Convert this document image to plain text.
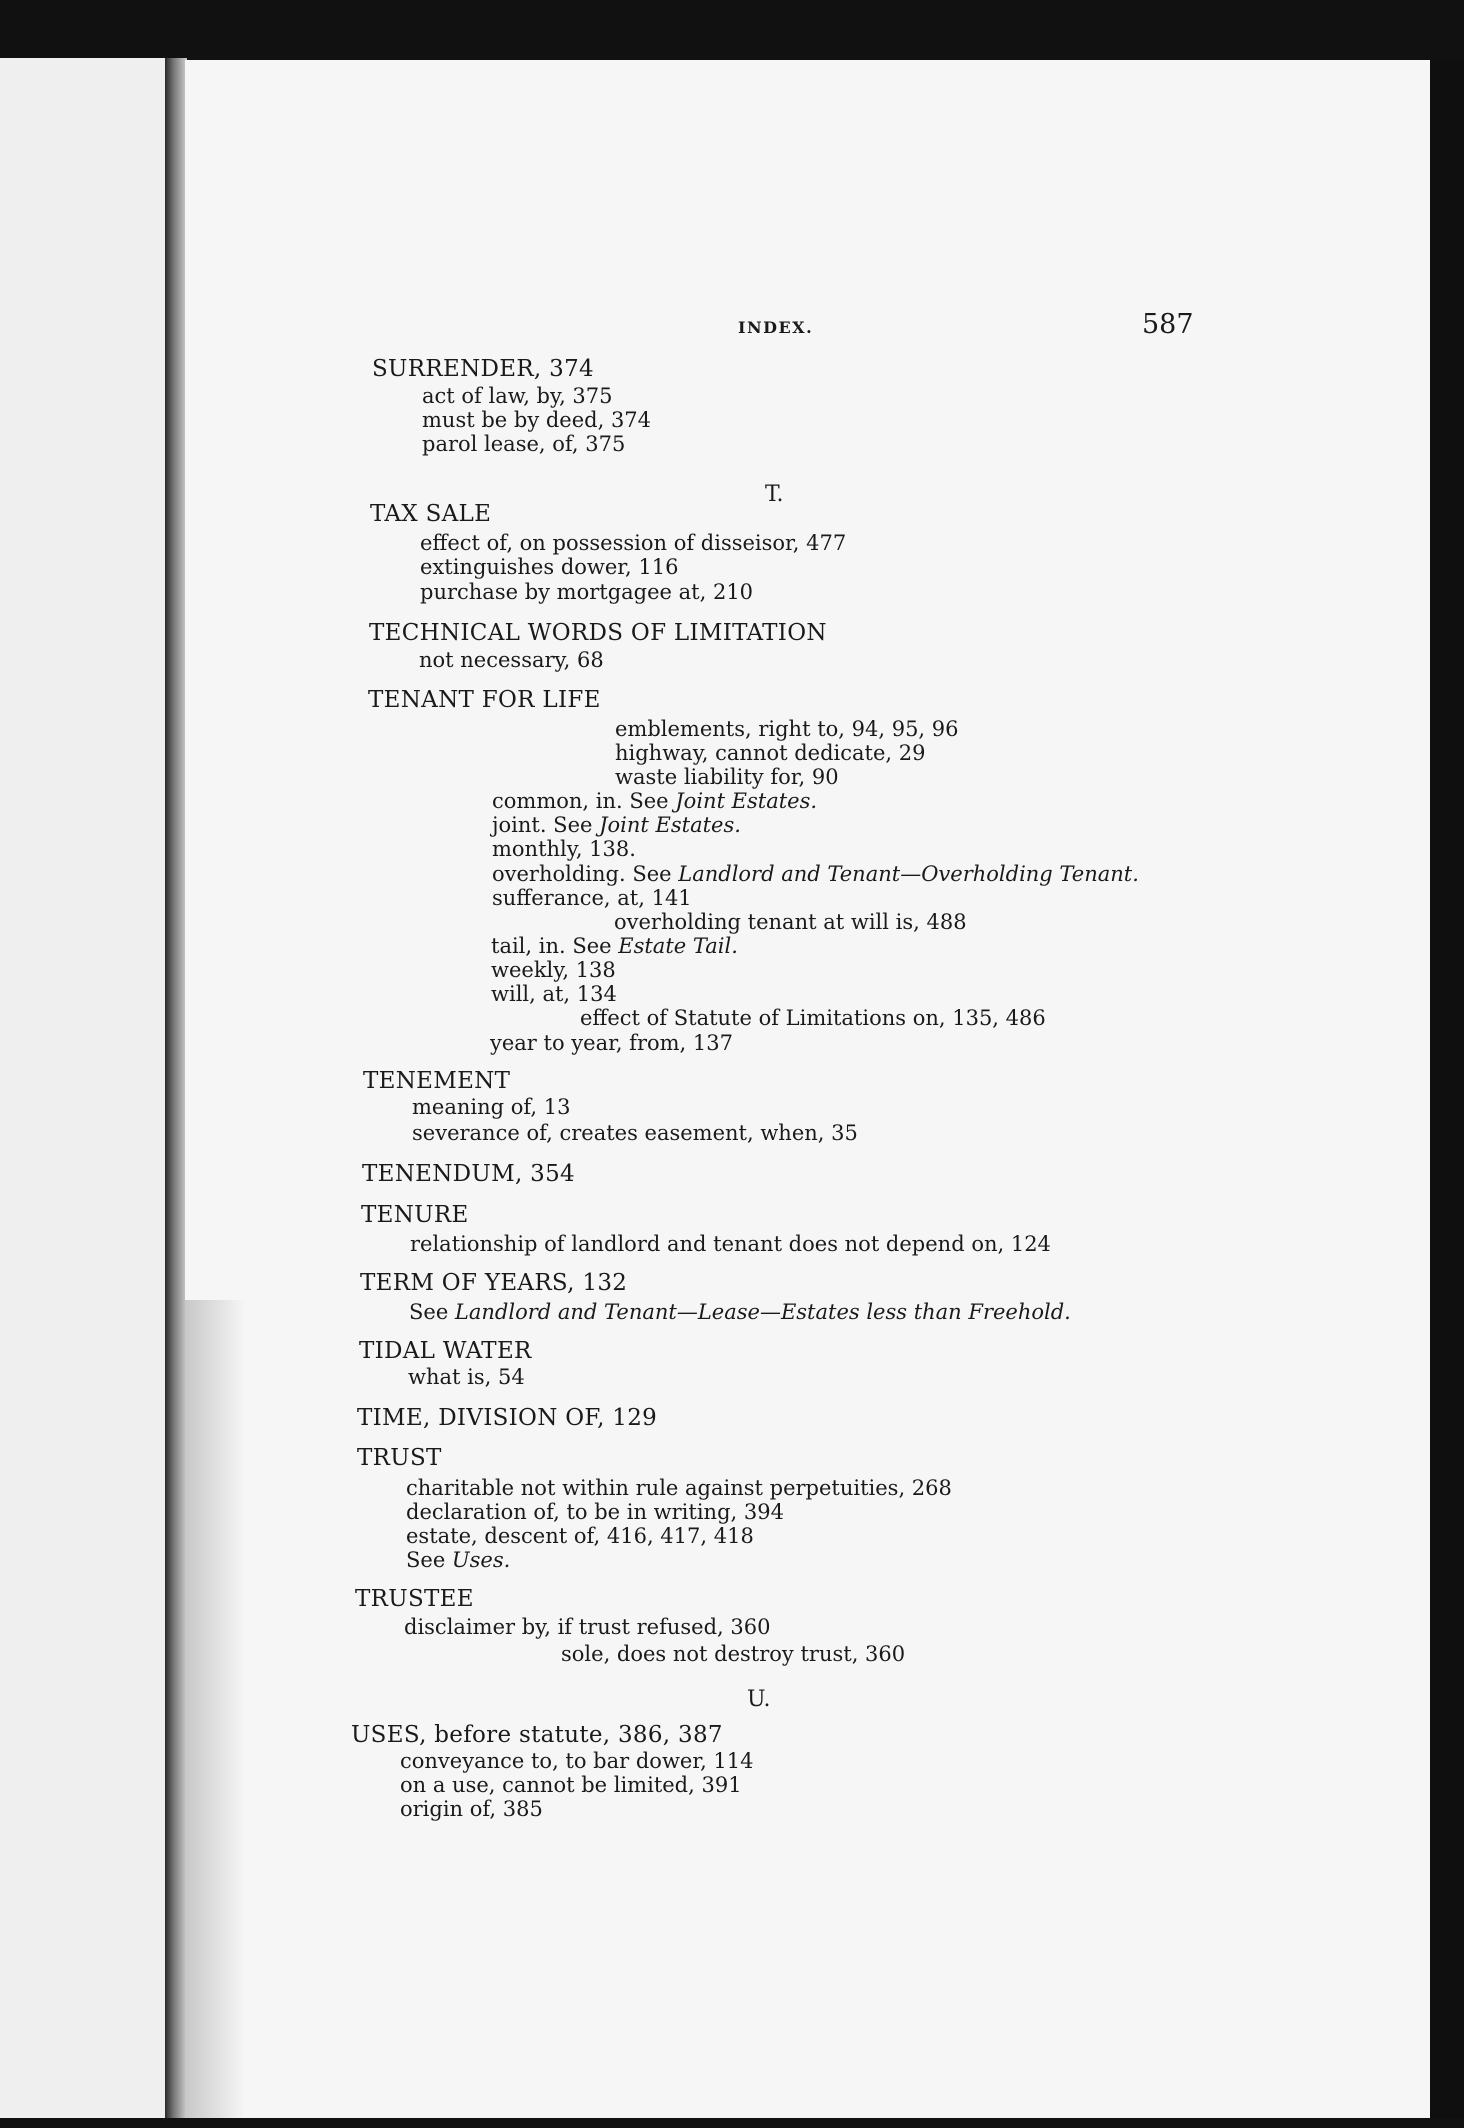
INDEX.	587
SURRENDER, 374
act of law, by, 375
must be by deed, 374
parol lease, of, 375
T.
TAX SALE
effect of, on possession of disseisor, 477
extinguishes dower, 116
purchase by mortgagee at, 210
TECHNICAL WORDS OF LIMITATION
not necessary, 68
TENANT FOR LIFE
emblements, right to, 94, 95, 96
highway, cannot dedicate, 29
waste liability for, 90
common, in. See Joint Estates.
joint. See Joint Estates.
monthly, 138.
overholding. See Landlord and Tenant—Overholding Tenant.
sufferance, at, 141
overholding tenant at will is, 488
tail, in. See Estate Tail.
weekly, 138
will, at, 134
effect of Statute of Limitations on, 135, 486
year to year, from, 137
TENEMENT
meaning of, 13
severance of, creates easement, when, 35
TENENDUM, 354
TENURE
relationship of landlord and tenant does not depend on, 124
TERM OF YEARS, 132
See Landlord and Tenant—Lease—Estates less than Freehold.
TIDAL WATER
what is, 54
TIME, DIVISION OF, 129
TRUST
charitable not within rule against perpetuities, 268
declaration of, to be in writing, 394
estate, descent of, 416, 417, 418
See Uses.
TRUSTEE
disclaimer by, if trust refused, 360
sole, does not destroy trust, 360
U.
USES, before statute, 386, 387
conveyance to, to bar dower, 114
on a use, cannot be limited, 391
origin of, 385
